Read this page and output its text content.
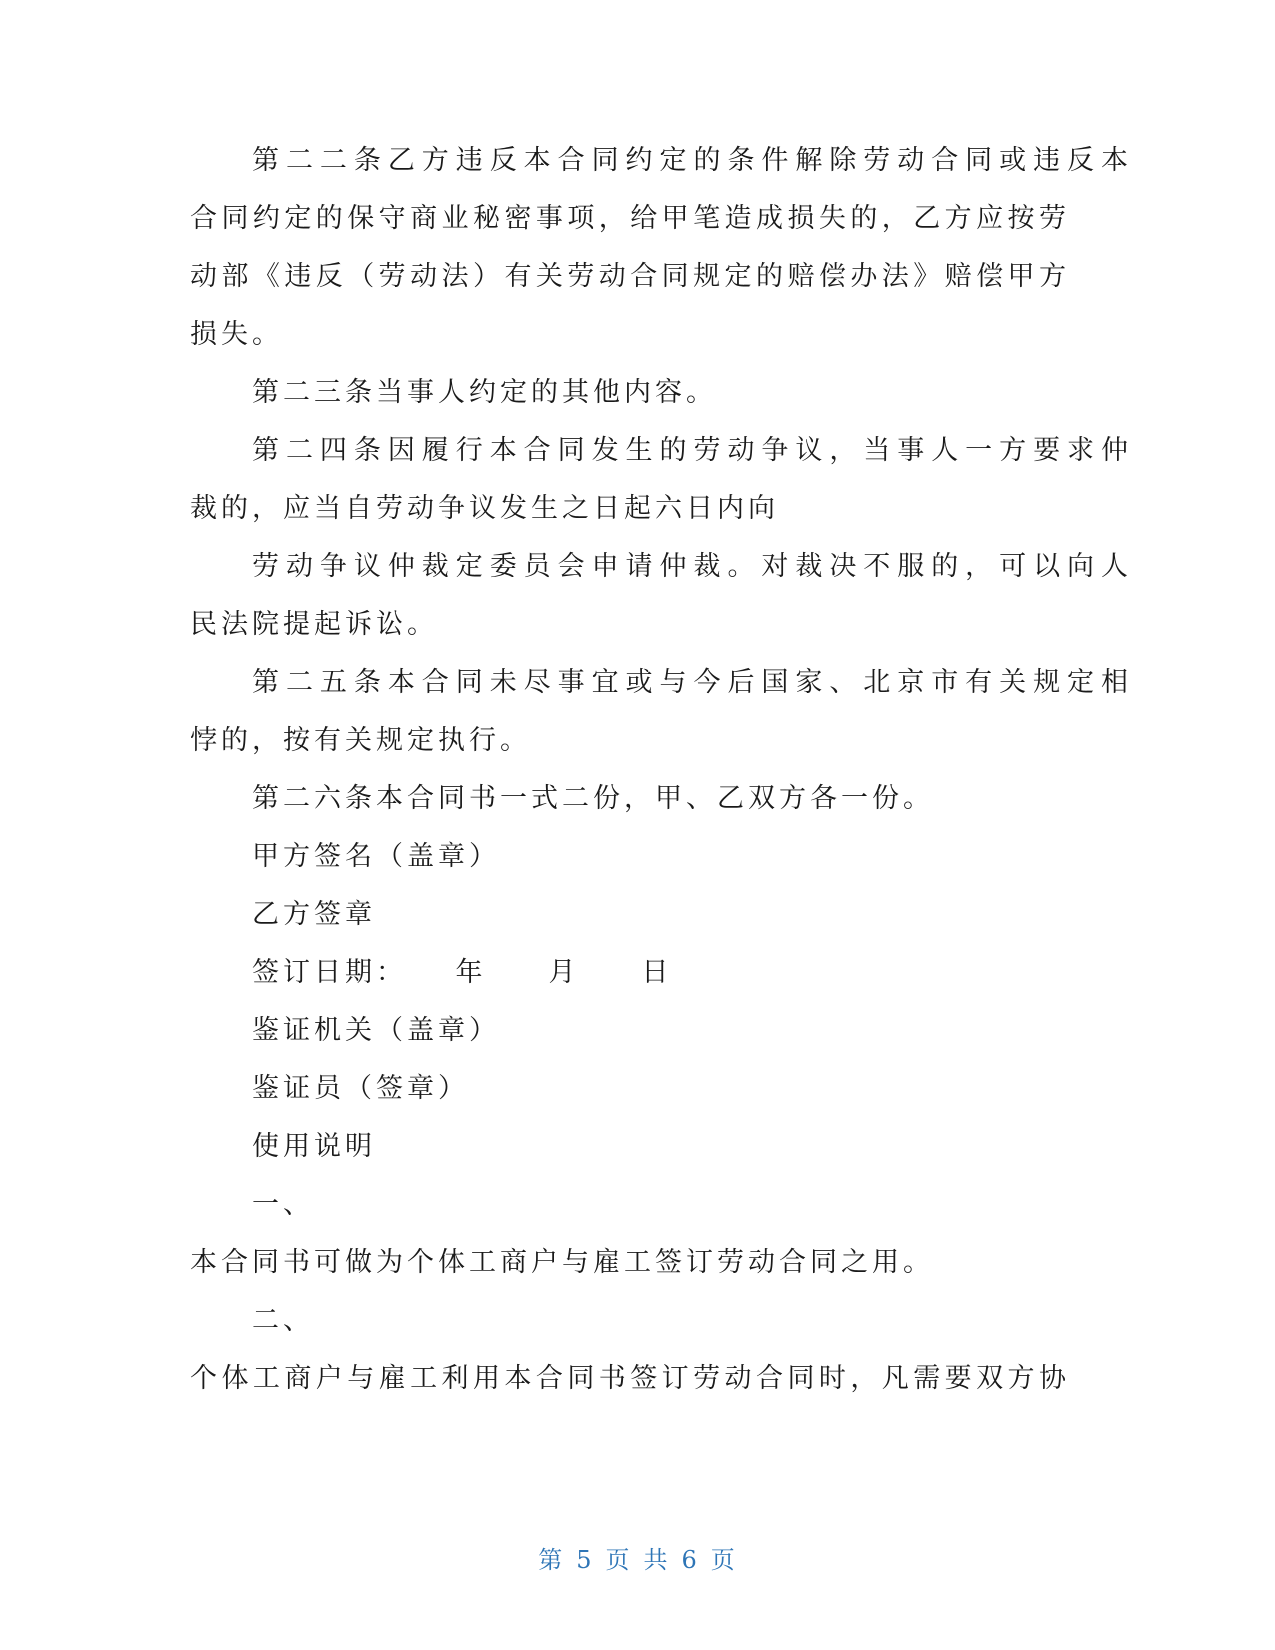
第二二条乙方违反本合同约定的条件解除劳动合同或违反本

合同约定的保守商业秘密事项，给甲笔造成损失的，乙方应按劳

动部《违反（劳动法）有关劳动合同规定的赔偿办法》赔偿甲方

损失。

第二三条当事人约定的其他内容。

第二四条因履行本合同发生的劳动争议，当事人一方要求仲

裁的，应当自劳动争议发生之日起六日内向

劳动争议仲裁定委员会申请仲裁。对裁决不服的，可以向人

民法院提起诉讼。

第二五条本合同未尽事宜或与今后国家、北京市有关规定相

悖的，按有关规定执行。

第二六条本合同书一式二份，甲、乙双方各一份。

甲方签名（盖章）

乙方签章

签订日期：　　年　　月　　日

鉴证机关（盖章）

鉴证员（签章）

使用说明

一、

本合同书可做为个体工商户与雇工签订劳动合同之用。

二、

个体工商户与雇工利用本合同书签订劳动合同时，凡需要双方协

第 5 页 共 6 页
